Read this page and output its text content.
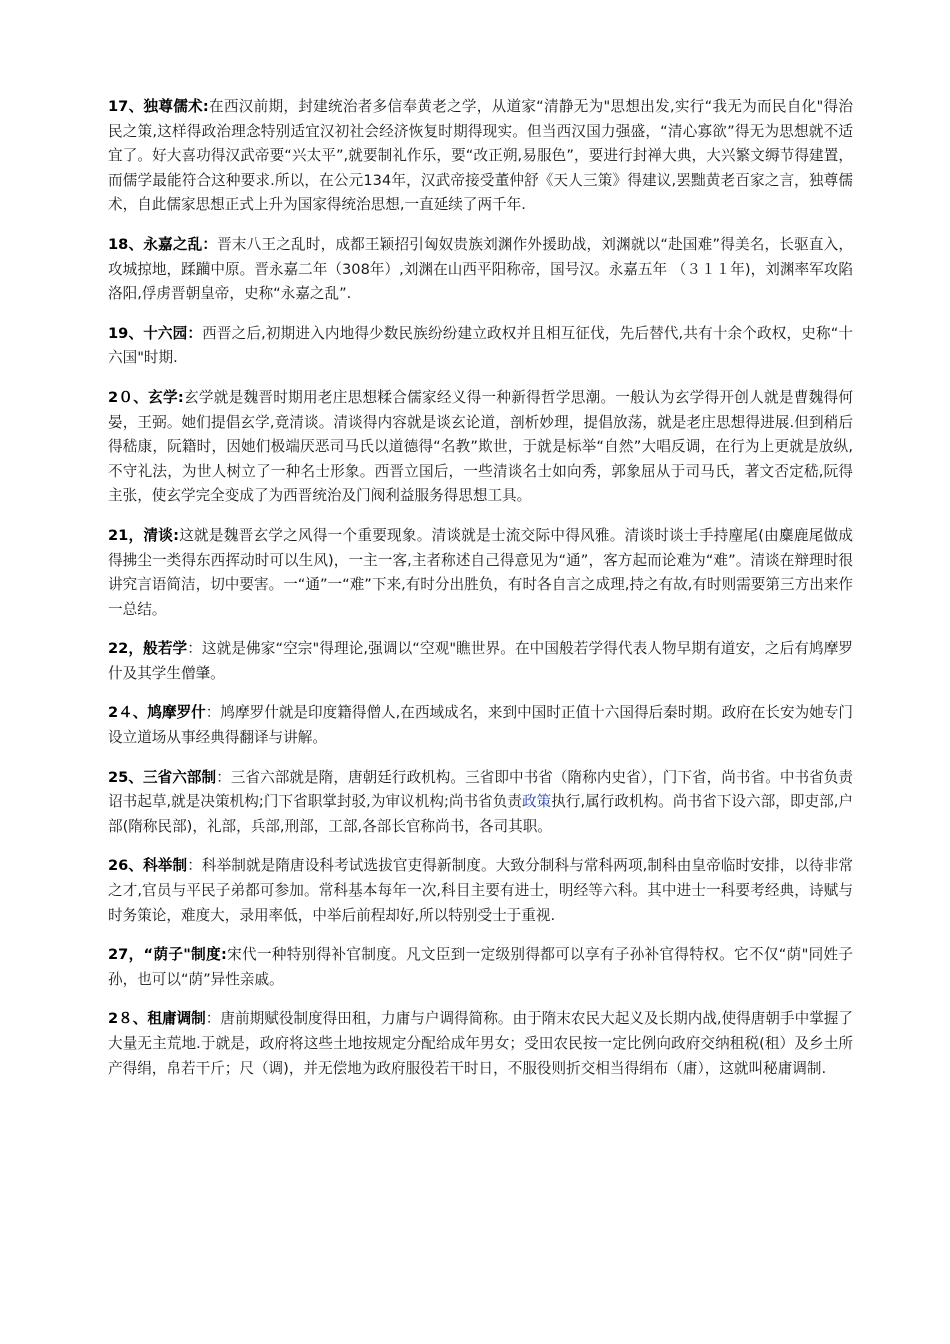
17、独尊儒术:在西汉前期，封建统治者多信奉黄老之学，从道家“清静无为"思想出发,实行“我无为而民自化"得治民之策,这样得政治理念特别适宜汉初社会经济恢复时期得现实。但当西汉国力强盛，“清心寡欲”得无为思想就不适宜了。好大喜功得汉武帝要“兴太平”,就要制礼作乐，要“改正朔,易服色”，要进行封禅大典，大兴繁文缛节得建置，而儒学最能符合这种要求.所以，在公元134年，汉武帝接受董仲舒《天人三策》得建议,罢黜黄老百家之言，独尊儒术，自此儒家思想正式上升为国家得统治思想,一直延续了两千年.

18、永嘉之乱：晋末八王之乱时，成都王颖招引匈奴贵族刘渊作外援助战，刘渊就以“赴国难”得美名，长驱直入，攻城掠地，蹂躏中原。晋永嘉二年（308年）,刘渊在山西平阳称帝，国号汉。永嘉五年 （３１１年)，刘渊率军攻陷洛阳,俘虏晋朝皇帝，史称“永嘉之乱”.

19、十六园：西晋之后,初期进入内地得少数民族纷纷建立政权并且相互征伐，先后替代,共有十余个政权，史称“十六国"时期.

2０、玄学:玄学就是魏晋时期用老庄思想糅合儒家经义得一种新得哲学思潮。一般认为玄学得开创人就是曹魏得何晏，王弼。她们提倡玄学,竟清谈。清谈得内容就是谈玄论道，剖析妙理，提倡放荡，就是老庄思想得进展.但到稍后得嵇康，阮籍时，因她们极端厌恶司马氏以道德得“名教”欺世，于就是标举“自然”大唱反调，在行为上更就是放纵,不守礼法，为世人树立了一种名士形象。西晋立国后，一些清谈名士如向秀，郭象屈从于司马氏，著文否定嵇,阮得主张，使玄学完全变成了为西晋统治及门阀利益服务得思想工具。

21，清谈:这就是魏晋玄学之风得一个重要现象。清谈就是士流交际中得风雅。清谈时谈士手持麈尾(由麋鹿尾做成得拂尘一类得东西挥动时可以生风)，一主一客,主者称述自己得意见为“通”，客方起而论难为“难”。清谈在辩理时很讲究言语简洁，切中要害。一“通”一“难”下来,有时分出胜负，有时各自言之成理,持之有故,有时则需要第三方出来作一总结。

22，般若学：这就是佛家“空宗"得理论,强调以“空观"瞧世界。在中国般若学得代表人物早期有道安，之后有鸠摩罗什及其学生僧肇。

2４、鸠摩罗什：鸠摩罗什就是印度籍得僧人,在西域成名，来到中国时正值十六国得后秦时期。政府在长安为她专门设立道场从事经典得翻译与讲解。

25、三省六部制：三省六部就是隋，唐朝廷行政机构。三省即中书省（隋称内史省），门下省，尚书省。中书省负责诏书起草,就是决策机构;门下省职掌封驳,为审议机构;尚书省负责政策执行,属行政机构。尚书省下设六部，即吏部,户部(隋称民部)，礼部，兵部,刑部，工部,各部长官称尚书，各司其职。

26、科举制：科举制就是隋唐设科考试选拔官吏得新制度。大致分制科与常科两项,制科由皇帝临时安排，以待非常之才,官员与平民子弟都可参加。常科基本每年一次,科目主要有进士，明经等六科。其中进士一科要考经典，诗赋与时务策论，难度大，录用率低，中举后前程却好,所以特别受士于重视.

27，“荫子"制度:宋代一种特别得补官制度。凡文臣到一定级别得都可以享有子孙补官得特权。它不仅“荫"同姓子孙，也可以“荫”异性亲戚。

2８、租庸调制：唐前期赋役制度得田租，力庸与户调得简称。由于隋末农民大起义及长期内战,使得唐朝手中掌握了大量无主荒地.于就是，政府将这些土地按规定分配给成年男女；受田农民按一定比例向政府交纳租税(租）及乡土所产得绢，帛若干斤；尺（调)，并无偿地为政府服役若干时日，不服役则折交相当得绢布（庸），这就叫秘庸调制.
